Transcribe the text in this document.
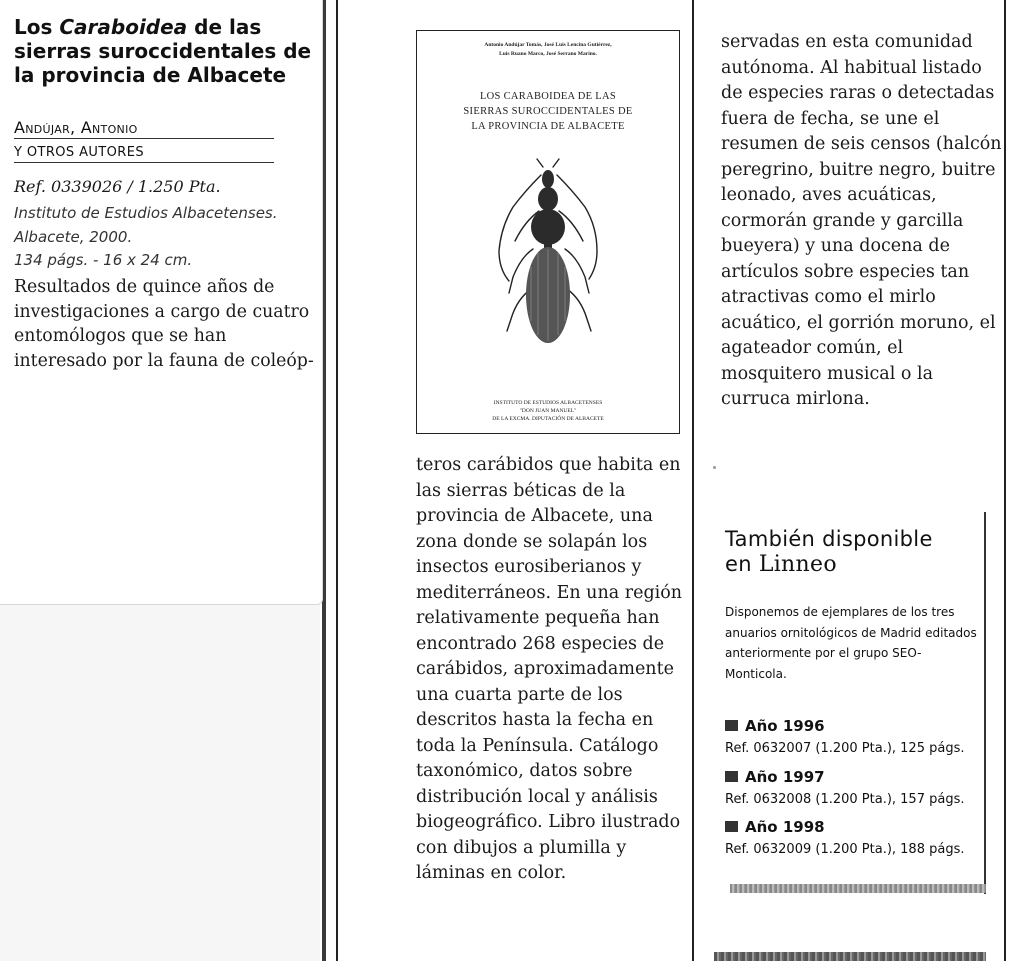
Los Caraboidea de las sierras suroccidentales de la provincia de Albacete
Andújar, Antonio
Y OTROS AUTORES
Ref. 0339026 / 1.250 Pta.
Instituto de Estudios Albacetenses. Albacete, 2000.
134 págs. - 16 x 24 cm.
Resultados de quince años de investigaciones a cargo de cuatro entomólogos que se han interesado por la fauna de coleóp-
Antonio Andújar Tomás, José Luis Lencina Gutiérrez,
Luis Ruano Marco, José Serrano Marino.
LOS CARABOIDEA DE LAS
SIERRAS SUROCCIDENTALES DE
LA PROVINCIA DE ALBACETE
INSTITUTO DE ESTUDIOS ALBACETENSES
"DON JUAN MANUEL"
DE LA EXCMA. DIPUTACIÓN DE ALBACETE
teros carábidos que habita en las sierras béticas de la provincia de Albacete, una zona donde se solapán los insectos eurosiberianos y mediterráneos. En una región relativamente pequeña han encontrado 268 especies de carábidos, aproximadamente una cuarta parte de los descritos hasta la fecha en toda la Península. Catálogo taxonómico, datos sobre distribución local y análisis biogeográfico. Libro ilustrado con dibujos a plumilla y láminas en color.
servadas en esta comunidad autónoma. Al habitual listado de especies raras o detectadas fuera de fecha, se une el resumen de seis censos (halcón peregrino, buitre negro, buitre leonado, aves acuáticas, cormorán grande y garcilla bueyera) y una docena de artículos sobre especies tan atractivas como el mirlo acuático, el gorrión moruno, el agateador común, el mosquitero musical o la curruca mirlona.
También disponible
en Linneo
Disponemos de ejemplares de los tres anuarios ornitológicos de Madrid editados anteriormente por el grupo SEO-Monticola.
Año 1996
Ref. 0632007 (1.200 Pta.), 125 págs.
Año 1997
Ref. 0632008 (1.200 Pta.), 157 págs.
Año 1998
Ref. 0632009 (1.200 Pta.), 188 págs.
